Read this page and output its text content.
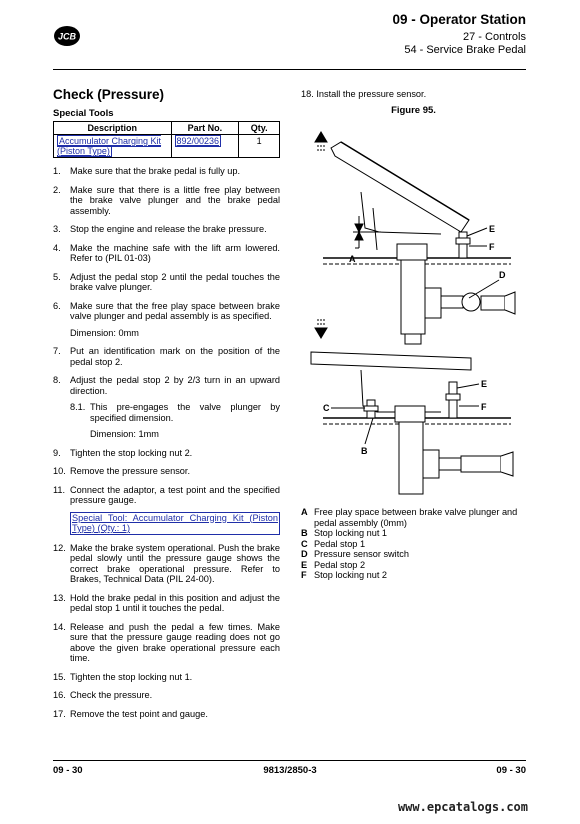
JCB
09 - Operator Station
27 - Controls
54 - Service Brake Pedal
Check (Pressure)
Special Tools
Description	Part No.	Qty.
Accumulator Charging Kit (Piston Type)	892/00236	1
1.	Make sure that the brake pedal is fully up.
2.	Make sure that there is a little free play between the brake valve plunger and the brake pedal assembly.
3.	Stop the engine and release the brake pressure.
4.	Make the machine safe with the lift arm lowered. Refer to (PIL 01-03)
5.	Adjust the pedal stop 2 until the pedal touches the brake valve plunger.
6.	Make sure that the free play space between brake valve plunger and pedal assembly is as specified.
Dimension: 0mm
7.	Put an identification mark on the position of the pedal stop 2.
8.	Adjust the pedal stop 2 by 2/3 turn in an upward direction.
8.1. This pre-engages the valve plunger by specified dimension.
Dimension: 1mm
9.	Tighten the stop locking nut 2.
10. Remove the pressure sensor.
11. Connect the adaptor, a test point and the specified pressure gauge.
Special Tool: Accumulator Charging Kit (Piston Type) (Qty.: 1)
12. Make the brake system operational. Push the brake pedal slowly until the pressure gauge shows the correct brake operational pressure. Refer to Brakes, Technical Data (PIL 24-00).
13. Hold the brake pedal in this position and adjust the pedal stop 1 until it touches the pedal.
14. Release and push the pedal a few times. Make sure that the pressure gauge reading does not go above the given brake operational pressure each time.
15. Tighten the stop locking nut 1.
16. Check the pressure.
17. Remove the test point and gauge.
18. Install the pressure sensor.
Figure 95.
A
E
F
D
C
E
F
B
A Free play space between brake valve plunger and pedal assembly (0mm)
B Stop locking nut 1
C Pedal stop 1
D Pressure sensor switch
E Pedal stop 2
F Stop locking nut 2
09 - 30	9813/2850-3	09 - 30
www.epcatalogs.com
